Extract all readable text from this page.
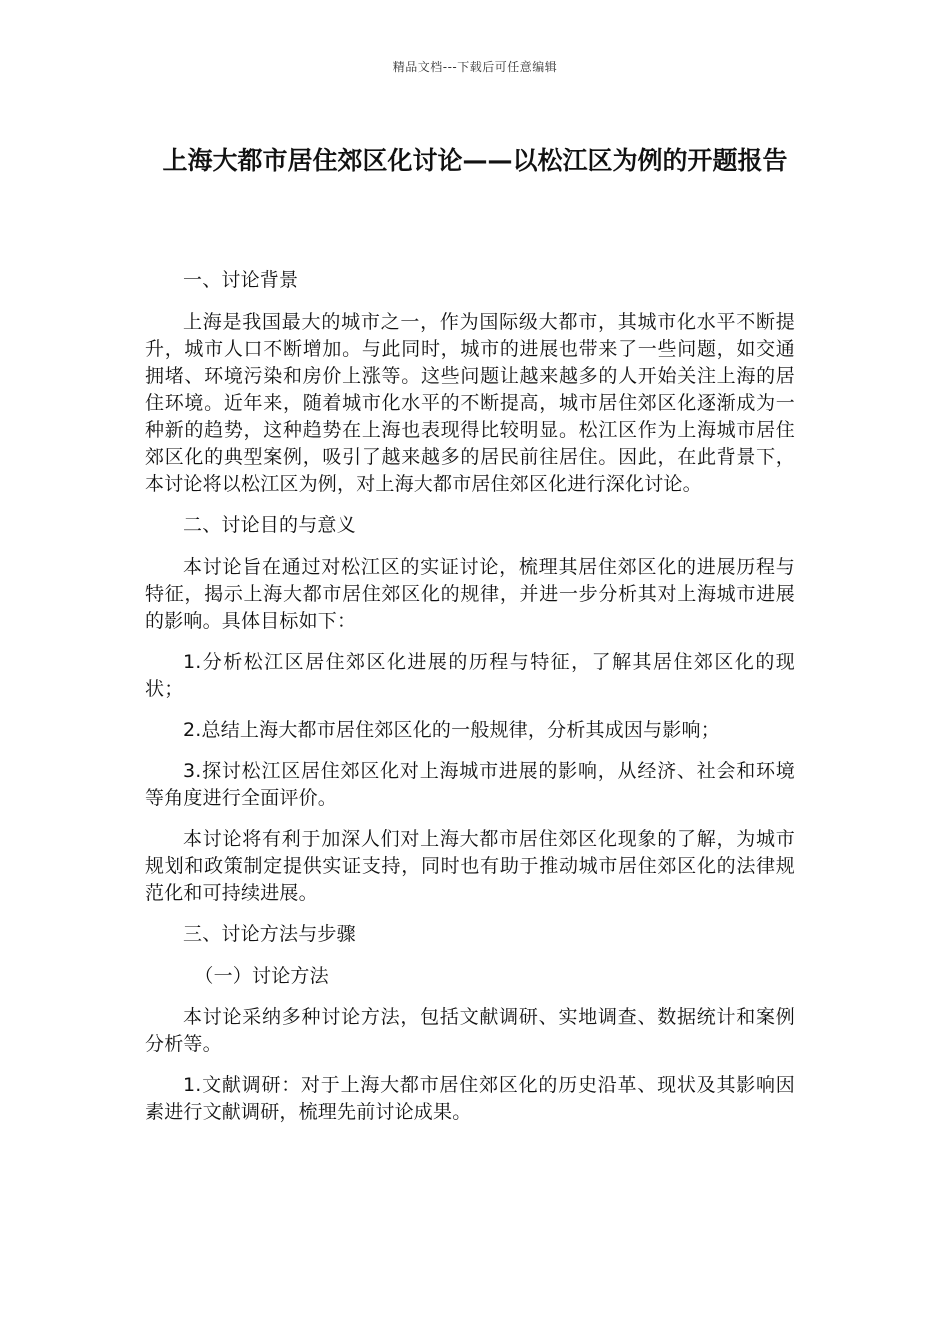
精品文档---下载后可任意编辑
上海大都市居住郊区化讨论——以松江区为例的开题报告

一、讨论背景

上海是我国最大的城市之一，作为国际级大都市，其城市化水平不断提升，城市人口不断增加。与此同时，城市的进展也带来了一些问题，如交通拥堵、环境污染和房价上涨等。这些问题让越来越多的人开始关注上海的居住环境。近年来，随着城市化水平的不断提高，城市居住郊区化逐渐成为一种新的趋势，这种趋势在上海也表现得比较明显。松江区作为上海城市居住郊区化的典型案例，吸引了越来越多的居民前往居住。因此，在此背景下，本讨论将以松江区为例，对上海大都市居住郊区化进行深化讨论。

二、讨论目的与意义

本讨论旨在通过对松江区的实证讨论，梳理其居住郊区化的进展历程与特征，揭示上海大都市居住郊区化的规律，并进一步分析其对上海城市进展的影响。具体目标如下：

1.分析松江区居住郊区化进展的历程与特征，了解其居住郊区化的现状；

2.总结上海大都市居住郊区化的一般规律，分析其成因与影响；

3.探讨松江区居住郊区化对上海城市进展的影响，从经济、社会和环境等角度进行全面评价。

本讨论将有利于加深人们对上海大都市居住郊区化现象的了解，为城市规划和政策制定提供实证支持，同时也有助于推动城市居住郊区化的法律规范化和可持续进展。

三、讨论方法与步骤

（一）讨论方法

本讨论采纳多种讨论方法，包括文献调研、实地调查、数据统计和案例分析等。

1.文献调研：对于上海大都市居住郊区化的历史沿革、现状及其影响因素进行文献调研，梳理先前讨论成果。
